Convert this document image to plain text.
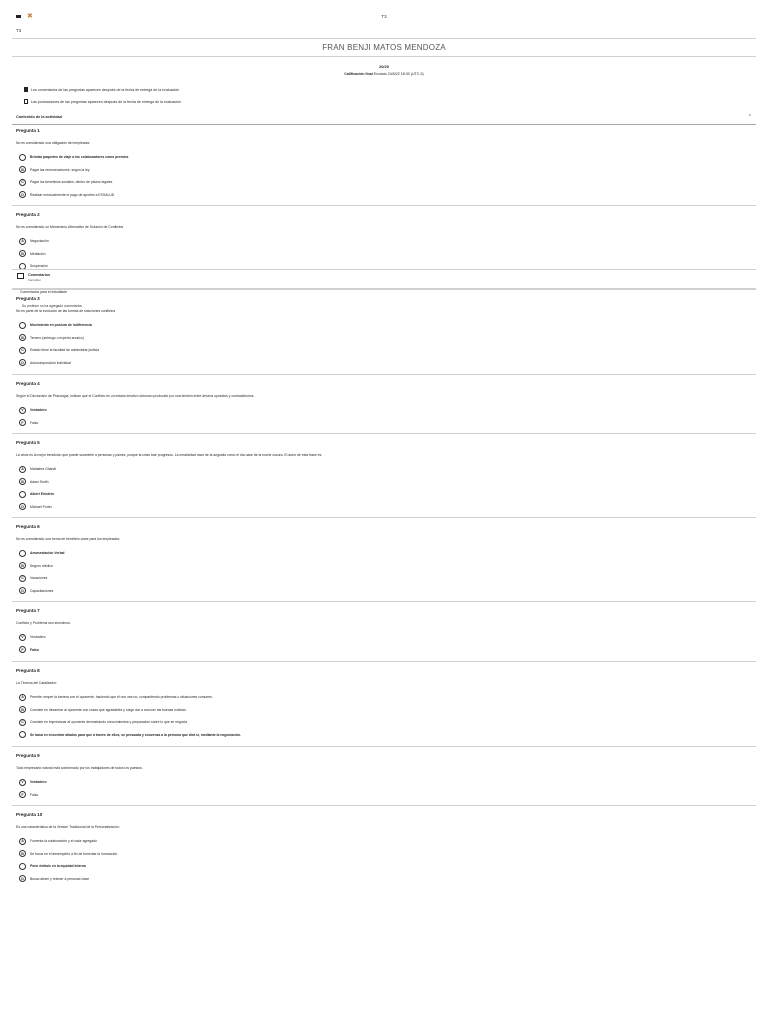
✖	T3
T3
FRAN BENJI MATOS MENDOZA
20/20
Calificación final Enviado 24/5/22 18:30 (UTC-5)
Los comentarios de las preguntas aparecen después de la fecha de entrega de la evaluación
Las puntuaciones de las preguntas aparecen después de la fecha de entrega de la evaluación
Contenido de la actividad	⌃
Pregunta 1
No es considerado una obligación del empleador.
Brindar paquetes de viaje a los colaboradores como premios
B	Pagar las remuneraciones, según la ley
C	Pagar los beneficios sociales, dentro de plazos legales
D	Realizar mensualmente el pago de aportes a ESSALUD
Pregunta 2
No es considerado un Mecanismo Alternativo de Solución de Conflictos
A	Negociación
B	Mediación
Suspensión
Pregunta 3
No es parte de la evolución de las formas de soluciones conflictos
Movimiento en pos/ura de indiferencia
B	Tercero (arriesgo o experto arcaico)
C	Estado tiene la facultad de administrar justicia
D	Autocomposición individual
Pregunta 4
Según el Diccionario de Psicología, indican que el Conflicto es un estado emotivo doloroso producido por una tensión entre deseos opuestos y contradictorios.
V	Verdadero
F	Falso
Pregunta 5
La crisis es la mejor bendición que puede sucederle a personas y países, porque la crisis trae progresos. La creatividad nace de la angustia como el día nace de la noche oscura. El autor de esta frase es:
A	Mahatma Ghandi
B	Adam Smith
Albert Einstein
D	Michael Porter
Pregunta 6
No es considerado una forma de beneficio clave para los empleados:
Amonestación Verbal
B	Seguro médico
C	Vacaciones
D	Capacitaciones
Pregunta 7
Conflicto y Problema son sinónimos.
V	Verdadero
F	Falso
Pregunta 8
La Técnica del Catalizador:
A	Permite romper la barrera con el oponente, haciendo que él nos vea no, compartiendo problemas o situaciones comunes.
B	Consiste en desarmar al oponente con cosas que agradables y luego dar a conocer las buenas noticias.
C	Consiste en impresionar al oponente demostrando conocimientos y preparación sobre lo que se negocia.
Se basa en encontrar aliados para que a través de ellos, se persuada y convenza a la persona que dirá sí, mediante la negociación.
Pregunta 9
Todo empresario natural está conformado por los trabajadores de todos los puestos.
V	Verdadero
F	Falso
Pregunta 10
Es una característica de la Versión Tradicional de la Personalización:
A	Fomenta la colaboración y el valor agregado
B	Se focus en el desempeño a fin de fomentar la innovación
Pone énfasis en la equidad interna
D	Busca atraer y retener a personal clave
Comentarios
Ver/editar
Comentarios para el estudiante
Su profesor no ha agregado comentarios
